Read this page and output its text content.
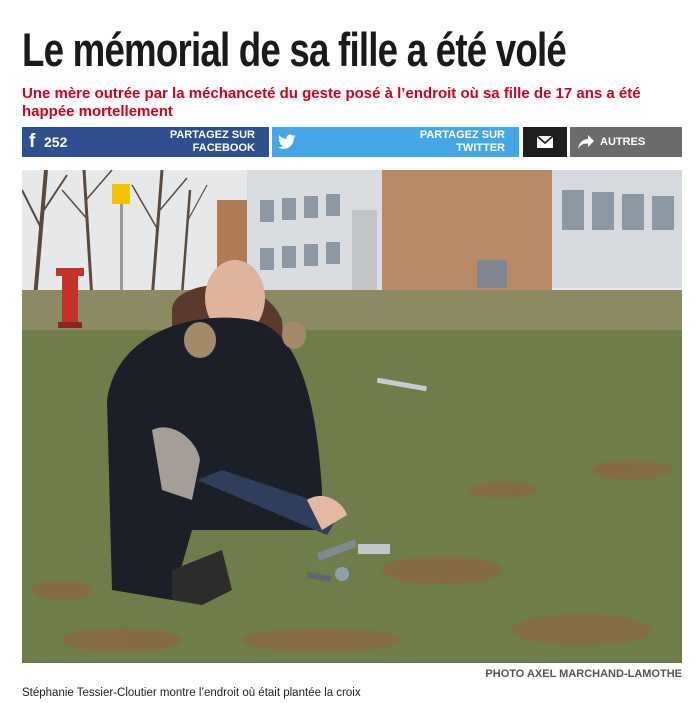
Le mémorial de sa fille a été volé

Une mère outrée par la méchanceté du geste posé à l’endroit où sa fille de 17 ans a été happée mortellement

f 252	PARTAGEZ SUR FACEBOOK
PARTAGEZ SUR TWITTER	AUTRES

PHOTO AXEL MARCHAND-LAMOTHE

Stéphanie Tessier-Cloutier montre l’endroit où était plantée la croix
